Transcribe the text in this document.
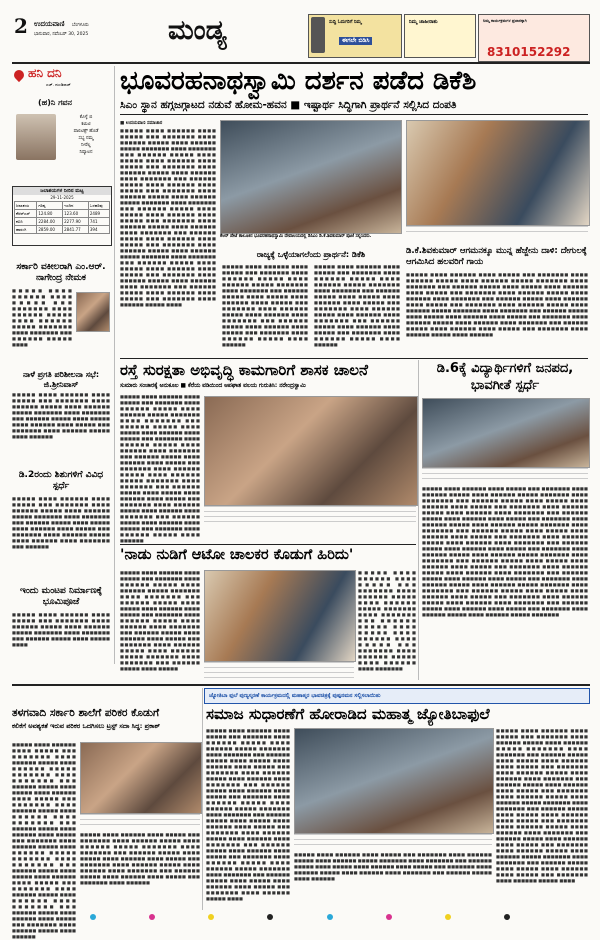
2 ಉದಯವಾಣಿ ಬೆಂಗಳೂರು
ಭಾನುವಾರ, ನವೆಂಬರ್ 30, 2025	ಮಂಡ್ಯ	ಸುದ್ದಿ ಓದುಗರಿಗೆ ನಿಮ್ಮ
ಈಗಲೇ ಬಿಡಿಸಿ
ನಿಮ್ಮ ಜಾಹೀರಾತು	ನಿಮ್ಮ ಕಾರ್ಯಕ್ರಮಗಳ ಪ್ರಚಾರಕ್ಕಾಗಿ
8310152292
ಹನಿ ದನಿ
ಎಚ್. ದುಂಡಿರಾಜ್
(ಹ)ನಿ ಗವನ
ಕೊಳ್ಳೆ ಬಿ
ಕಮಿಟಿ
ಪಾಲಿಟಿಕ್ಸ್ ಹೊಡೆ
ಸಭ್ಯ ನಮ್ಮ
ನೀರೆಲ್ಲ
ನಿಷ್ಕಾಲನ
ಜಲಾಶಯಗಳ ನೀರಿನ ಮಟ್ಟ
29-11-2025
ಜಲಾಶಯ	ಗರಿಷ್ಠ	ಇಂದಿನ	ಒಳಹರಿವು
ಕೆಆರ್‌ಎಸ್	124.80	123.60	2489
ಕಬಿನಿ	2284.00	2277.90	741
ಹಾರಂಗಿ	2859.00	2841.77	394
ಸರ್ಕಾರಿ ವಕೀಲರಾಗಿ ಎಂ.ಆರ್. ನಾಗೇಂದ್ರ ನೇಮಕ
■■■■■ ■■■■ ■■■■■■ ■■■■ ■■■■■ ■■■ ■■■■■■■ ■■■■ ■■■■■■ ■■■■■ ■■■■ ■■■■■■ ■■■■■ ■■■■■■■ ■■■■ ■■■■■■■ ■■■ ■■■■■■ ■■■■■ ■■■■
ನಾಳೆ ಪ್ರಗತಿ ಪರಿಶೀಲನಾ ಸಭೆ: ಜಿ.ಶ್ರೀನಿವಾಸ್
■■■■■ ■■■■ ■■■■■■ ■■■■ ■■■■■ ■■■ ■■■■■■■ ■■■■ ■■■■■■ ■■■■■ ■■■■ ■■■■■■ ■■■■■ ■■■■■■■ ■■■■ ■■■■■■■ ■■■ ■■■■■■ ■■■■■ ■■■■ ■■■■■ ■■■■ ■■■■■■ ■■■■ ■■■■■ ■■■ ■■■■■■■ ■■■■ ■■■■■■ ■■■■■ ■■■■ ■■■■■■
ಡಿ.2ರಂದು ಶಿಶುಗಳಿಗೆ ವಿವಿಧ ಸ್ಪರ್ಧೆ
■■■■■ ■■■■ ■■■■■■ ■■■■ ■■■■■ ■■■ ■■■■■■■ ■■■■ ■■■■■■ ■■■■■ ■■■■ ■■■■■■ ■■■■■ ■■■■■■■ ■■■■ ■■■■■■■ ■■■ ■■■■■■ ■■■■■ ■■■■ ■■■■■ ■■■■ ■■■■■■ ■■■■ ■■■■■ ■■■ ■■■■■■■ ■■■■ ■■■■■■ ■■■■■ ■■■■ ■■■■■■ ■■■■ ■■■■■■■ ■■■ ■■■■■■
ಇಂದು ಮಂಟಪ ನಿರ್ಮಾಣಕ್ಕೆ ಭೂಮಿಪೂಜೆ
■■■■■ ■■■■ ■■■■■■ ■■■■ ■■■■■ ■■■ ■■■■■■■ ■■■■ ■■■■■■ ■■■■■ ■■■■ ■■■■■■ ■■■■■ ■■■■■■■ ■■■■ ■■■■■■■ ■■■ ■■■■■■ ■■■■■ ■■■■ ■■■■■ ■■■■
ಭೂವರಹನಾಥಸ್ವಾಮಿ ದರ್ಶನ ಪಡೆದ ಡಿಕೆಶಿ
ಸಿಎಂ ಸ್ಥಾನ ಹಗ್ಗಜಗ್ಗಾಟದ ನಡುವೆ ಹೋಮ-ಹವನ ■ ಇಷ್ಟಾರ್ಥ ಸಿದ್ಧಿಗಾಗಿ ಪ್ರಾರ್ಥನೆ ಸಲ್ಲಿಸಿದ ದಂಪತಿ
■ ಉದಯವಾಣಿ ಸಮಾಚಾರ
■■■■■ ■■■■ ■■■■■■ ■■■■ ■■■■■ ■■■ ■■■■■■■ ■■■■ ■■■■■■ ■■■■■ ■■■■ ■■■■■■ ■■■■■ ■■■■■■■ ■■■■ ■■■■■■■ ■■■ ■■■■■■ ■■■■■ ■■■■ ■■■■■ ■■■■ ■■■■■■ ■■■■ ■■■■■ ■■■ ■■■■■■■ ■■■■ ■■■■■■ ■■■■■ ■■■■ ■■■■■■ ■■■■ ■■■■■■■ ■■■ ■■■■■■ ■■■■■ ■■■■ ■■■■■■ ■■■■ ■■■■■ ■■■ ■■■■■■■ ■■■■ ■■■■■■ ■■■■■ ■■■■ ■■■■■■ ■■■■■ ■■■■■■■ ■■■■ ■■■■■■■ ■■■ ■■■■■■ ■■■■■ ■■■■ ■■■■■ ■■■■ ■■■■■■ ■■■■ ■■■■■ ■■■ ■■■■■■■ ■■■■ ■■■■■■ ■■■■■ ■■■■ ■■■■■■ ■■■■ ■■■■■■■ ■■■ ■■■■■■ ■■■■■ ■■■■ ■■■■■■ ■■■■ ■■■■■ ■■■ ■■■■■■■ ■■■■ ■■■■■■ ■■■■■ ■■■■ ■■■■■■ ■■■■■ ■■■■■■■ ■■■■ ■■■■■■■ ■■■ ■■■■■■ ■■■■■ ■■■■ ■■■■■ ■■■■ ■■■■■■ ■■■■ ■■■■■ ■■■ ■■■■■■■ ■■■■ ■■■■■■ ■■■■■ ■■■■ ■■■■■■ ■■■■ ■■■■■■■ ■■■ ■■■■■■ ■■■■■ ■■■■ ■■■■■■ ■■■■ ■■■■■ ■■■ ■■■■■■■ ■■■■ ■■■■■■ ■■■■■ ■■■■
ಕೆಆರ್ ಪೇಟೆ ತಾಲೂಕಿನ ಭೂವರಹನಾಥಸ್ವಾಮಿ ದೇವಾಲಯದಲ್ಲಿ ಡಿಸಿಎಂ ಡಿ.ಕೆ.ಶಿವಕುಮಾರ್ ಪೂಜೆ ಸಲ್ಲಿಸಿದರು.
ರಾಜ್ಯಕ್ಕೆ ಒಳ್ಳೆಯಾಗಲೆಂದು ಪ್ರಾರ್ಥನೆ: ಡಿಕೆಶಿ
■■■■■ ■■■■ ■■■■■■ ■■■■ ■■■■■ ■■■ ■■■■■■■ ■■■■ ■■■■■■ ■■■■■ ■■■■ ■■■■■■ ■■■■■ ■■■■■■■ ■■■■ ■■■■■■■ ■■■ ■■■■■■ ■■■■■ ■■■■ ■■■■■ ■■■■ ■■■■■■ ■■■■ ■■■■■ ■■■ ■■■■■■■ ■■■■ ■■■■■■ ■■■■■ ■■■■ ■■■■■■ ■■■■ ■■■■■■■ ■■■ ■■■■■■ ■■■■■ ■■■■ ■■■■■■ ■■■■ ■■■■■ ■■■ ■■■■■■■ ■■■■ ■■■■■■ ■■■■■ ■■■■ ■■■■■■
■■■■■ ■■■■ ■■■■■■ ■■■■ ■■■■■ ■■■ ■■■■■■■ ■■■■ ■■■■■■ ■■■■■ ■■■■ ■■■■■■ ■■■■■ ■■■■■■■ ■■■■ ■■■■■■■ ■■■ ■■■■■■ ■■■■■ ■■■■ ■■■■■ ■■■■ ■■■■■■ ■■■■ ■■■■■ ■■■ ■■■■■■■ ■■■■ ■■■■■■ ■■■■■ ■■■■ ■■■■■■ ■■■■ ■■■■■■■ ■■■ ■■■■■■ ■■■■■ ■■■■ ■■■■■■ ■■■■ ■■■■■ ■■■ ■■■■■■■ ■■■■ ■■■■■■ ■■■■■ ■■■■ ■■■■■■
ಡಿ.ಕೆ.ಶಿವಕುಮಾರ್ ಆಗಮನಕ್ಕೂ ಮುನ್ನ ಹೆಜ್ಜೇನು ದಾಳಿ: ದೇಗುಲಕ್ಕೆ ಆಗಮಿಸಿದ ಹಲವರಿಗೆ ಗಾಯ
■■■■■ ■■■■ ■■■■■■ ■■■■ ■■■■■ ■■■ ■■■■■■■ ■■■■ ■■■■■■ ■■■■■ ■■■■ ■■■■■■ ■■■■■ ■■■■■■■ ■■■■ ■■■■■■■ ■■■ ■■■■■■ ■■■■■ ■■■■ ■■■■■ ■■■■ ■■■■■■ ■■■■ ■■■■■ ■■■ ■■■■■■■ ■■■■ ■■■■■■ ■■■■■ ■■■■ ■■■■■■ ■■■■ ■■■■■■■ ■■■ ■■■■■■ ■■■■■ ■■■■ ■■■■■■ ■■■■ ■■■■■ ■■■ ■■■■■■■ ■■■■ ■■■■■■ ■■■■■ ■■■■ ■■■■■■ ■■■■■ ■■■■■■■ ■■■■ ■■■■■■■ ■■■ ■■■■■■ ■■■■■ ■■■■ ■■■■■ ■■■■ ■■■■■■ ■■■■ ■■■■■ ■■■ ■■■■■■■ ■■■■ ■■■■■■ ■■■■■ ■■■■ ■■■■■■ ■■■■ ■■■■■■■ ■■■ ■■■■■■ ■■■■■ ■■■■ ■■■■■■ ■■■■ ■■■■■ ■■■ ■■■■■■■ ■■■■ ■■■■■■ ■■■■■ ■■■■ ■■■■■■
ರಸ್ತೆ ಸುರಕ್ಷತಾ ಅಭಿವೃದ್ಧಿ ಕಾಮಗಾರಿಗೆ ಶಾಸಕ ಚಾಲನೆ
ಸುಮಾರು ಸಂಚಾರಕ್ಕೆ ಅನುಕೂಲ ■ ಕೆರೆಯ ವಡಿಯಿಂದ ಅಪಘಾತ ವಲಯ ಗುರುತಿಸಿ: ನರೇಂದ್ರಸ್ವಾಮಿ
■■■■■ ■■■■ ■■■■■■ ■■■■ ■■■■■ ■■■ ■■■■■■■ ■■■■ ■■■■■■ ■■■■■ ■■■■ ■■■■■■ ■■■■■ ■■■■■■■ ■■■■ ■■■■■■■ ■■■ ■■■■■■ ■■■■■ ■■■■ ■■■■■ ■■■■ ■■■■■■ ■■■■ ■■■■■ ■■■ ■■■■■■■ ■■■■ ■■■■■■ ■■■■■ ■■■■ ■■■■■■ ■■■■ ■■■■■■■ ■■■ ■■■■■■ ■■■■■ ■■■■ ■■■■■■ ■■■■ ■■■■■ ■■■ ■■■■■■■ ■■■■ ■■■■■■ ■■■■■ ■■■■ ■■■■■■ ■■■■■ ■■■■■■■ ■■■■ ■■■■■■■ ■■■ ■■■■■■ ■■■■■ ■■■■ ■■■■■ ■■■■ ■■■■■■ ■■■■ ■■■■■ ■■■ ■■■■■■■ ■■■■ ■■■■■■ ■■■■■ ■■■■ ■■■■■■ ■■■■ ■■■■■■■ ■■■ ■■■■■■ ■■■■■ ■■■■ ■■■■■■ ■■■■ ■■■■■ ■■■ ■■■■■■■ ■■■■ ■■■■■■ ■■■■■ ■■■■ ■■■■■■
ಡಿ.6ಕ್ಕೆ ವಿದ್ಯಾರ್ಥಿಗಳಿಗೆ ಜನಪದ, ಭಾವಗೀತೆ ಸ್ಪರ್ಧೆ
■■■■■ ■■■■ ■■■■■■ ■■■■ ■■■■■ ■■■ ■■■■■■■ ■■■■ ■■■■■■ ■■■■■ ■■■■ ■■■■■■ ■■■■■ ■■■■■■■ ■■■■ ■■■■■■■ ■■■ ■■■■■■ ■■■■■ ■■■■ ■■■■■ ■■■■ ■■■■■■ ■■■■ ■■■■■ ■■■ ■■■■■■■ ■■■■ ■■■■■■ ■■■■■ ■■■■ ■■■■■■ ■■■■ ■■■■■■■ ■■■ ■■■■■■ ■■■■■ ■■■■ ■■■■■■ ■■■■ ■■■■■ ■■■ ■■■■■■■ ■■■■ ■■■■■■ ■■■■■ ■■■■ ■■■■■■ ■■■■■ ■■■■■■■ ■■■■ ■■■■■■■ ■■■ ■■■■■■ ■■■■■ ■■■■ ■■■■■ ■■■■ ■■■■■■ ■■■■ ■■■■■ ■■■ ■■■■■■■ ■■■■ ■■■■■■ ■■■■■ ■■■■ ■■■■■■ ■■■■ ■■■■■■■ ■■■ ■■■■■■ ■■■■■ ■■■■ ■■■■■■ ■■■■ ■■■■■ ■■■ ■■■■■■■ ■■■■ ■■■■■■ ■■■■■ ■■■■ ■■■■■■ ■■■■■ ■■■■■■■ ■■■■ ■■■■■■■ ■■■ ■■■■■■ ■■■■■ ■■■■ ■■■■■ ■■■■ ■■■■■■ ■■■■ ■■■■■ ■■■ ■■■■■■■ ■■■■ ■■■■■■ ■■■■■ ■■■■ ■■■■■■ ■■■■ ■■■■■■■ ■■■ ■■■■■■ ■■■■■ ■■■■ ■■■■■■ ■■■■ ■■■■■ ■■■ ■■■■■■■ ■■■■ ■■■■■■ ■■■■■ ■■■■ ■■■■■■ ■■■■■ ■■■■■■■ ■■■■ ■■■■■■■ ■■■ ■■■■■■ ■■■■■ ■■■■ ■■■■■ ■■■■ ■■■■■■ ■■■■ ■■■■■ ■■■ ■■■■■■■ ■■■■ ■■■■■■ ■■■■■ ■■■■ ■■■■■■ ■■■■ ■■■■■■■ ■■■ ■■■■■■ ■■■■■ ■■■■ ■■■■■■ ■■■■ ■■■■■ ■■■ ■■■■■■■ ■■■■ ■■■■■■ ■■■■■ ■■■■ ■■■■■■ ■■■■■ ■■■■■■■
'ನಾಡು ನುಡಿಗೆ ಆಟೋ ಚಾಲಕರ ಕೊಡುಗೆ ಹಿರಿದು'
■■■■■ ■■■■ ■■■■■■ ■■■■ ■■■■■ ■■■ ■■■■■■■ ■■■■ ■■■■■■ ■■■■■ ■■■■ ■■■■■■ ■■■■■ ■■■■■■■ ■■■■ ■■■■■■■ ■■■ ■■■■■■ ■■■■■ ■■■■ ■■■■■ ■■■■ ■■■■■■ ■■■■ ■■■■■ ■■■ ■■■■■■■ ■■■■ ■■■■■■ ■■■■■ ■■■■ ■■■■■■ ■■■■ ■■■■■■■ ■■■ ■■■■■■ ■■■■■ ■■■■ ■■■■■■ ■■■■ ■■■■■ ■■■ ■■■■■■■ ■■■■ ■■■■■■ ■■■■■ ■■■■ ■■■■■■ ■■■■■ ■■■■■■■ ■■■■ ■■■■■■■ ■■■ ■■■■■■ ■■■■■ ■■■■ ■■■■■
■■■■■ ■■■■ ■■■■■■ ■■■■ ■■■■■ ■■■ ■■■■■■■ ■■■■ ■■■■■■ ■■■■■ ■■■■ ■■■■■■ ■■■■■ ■■■■■■■ ■■■■ ■■■■■■■ ■■■ ■■■■■■ ■■■■■ ■■■■ ■■■■■ ■■■■ ■■■■■■ ■■■■ ■■■■■ ■■■ ■■■■■■■ ■■■■ ■■■■■■ ■■■■■ ■■■■ ■■■■■■ ■■■■ ■■■■■■■
ಜ್ಯೋತಿಬಾ ಫುಲೆ ಪುಣ್ಯಸ್ಮರಣೆ ಕಾರ್ಯಕ್ರಮದಲ್ಲಿ ಮಹಾತ್ಮರ ಭಾವಚಿತ್ರಕ್ಕೆ ಪುಷ್ಪನಮನ ಸಲ್ಲಿಸಲಾಯಿತು
ತಳಗವಾದಿ ಸರ್ಕಾರಿ ಶಾಲೆಗೆ ಪರಿಕರ ಕೊಡುಗೆ
ಕಲಿಕೆಗೆ ಅವಶ್ಯಕತೆ ಇರುವ ಪರಿಕರ ಒದಗಿಸಲು ಟ್ರಸ್ಟ್ ಸದಾ ಸಿದ್ಧ: ಪ್ರಕಾಶ್
■■■■■ ■■■■ ■■■■■■ ■■■■ ■■■■■ ■■■ ■■■■■■■ ■■■■ ■■■■■■ ■■■■■ ■■■■ ■■■■■■ ■■■■■ ■■■■■■■ ■■■■ ■■■■■■■ ■■■ ■■■■■■ ■■■■■ ■■■■ ■■■■■ ■■■■ ■■■■■■ ■■■■ ■■■■■ ■■■ ■■■■■■■ ■■■■ ■■■■■■ ■■■■■ ■■■■ ■■■■■■ ■■■■ ■■■■■■■ ■■■ ■■■■■■ ■■■■■ ■■■■ ■■■■■■ ■■■■ ■■■■■ ■■■ ■■■■■■■ ■■■■ ■■■■■■ ■■■■■ ■■■■ ■■■■■■ ■■■■■ ■■■■■■■ ■■■■ ■■■■■■■ ■■■ ■■■■■■ ■■■■■ ■■■■ ■■■■■ ■■■■ ■■■■■■ ■■■■ ■■■■■ ■■■ ■■■■■■■ ■■■■ ■■■■■■ ■■■■■ ■■■■ ■■■■■■ ■■■■ ■■■■■■■ ■■■ ■■■■■■ ■■■■■ ■■■■ ■■■■■■ ■■■■ ■■■■■ ■■■ ■■■■■■■ ■■■■ ■■■■■■ ■■■■■ ■■■■ ■■■■■■
■■■■■ ■■■■ ■■■■■■ ■■■■ ■■■■■ ■■■ ■■■■■■■ ■■■■ ■■■■■■ ■■■■■ ■■■■ ■■■■■■ ■■■■■ ■■■■■■■ ■■■■ ■■■■■■■ ■■■ ■■■■■■ ■■■■■ ■■■■ ■■■■■ ■■■■ ■■■■■■ ■■■■ ■■■■■ ■■■ ■■■■■■■ ■■■■ ■■■■■■ ■■■■■ ■■■■ ■■■■■■ ■■■■ ■■■■■■■ ■■■ ■■■■■■ ■■■■■ ■■■■ ■■■■■■ ■■■■ ■■■■■ ■■■ ■■■■■■■ ■■■■ ■■■■■■
ಸಮಾಜ ಸುಧಾರಣೆಗೆ ಹೋರಾಡಿದ ಮಹಾತ್ಮ ಜ್ಯೋತಿಬಾಫುಲೆ
■■■■■ ■■■■ ■■■■■■ ■■■■ ■■■■■ ■■■ ■■■■■■■ ■■■■ ■■■■■■ ■■■■■ ■■■■ ■■■■■■ ■■■■■ ■■■■■■■ ■■■■ ■■■■■■■ ■■■ ■■■■■■ ■■■■■ ■■■■ ■■■■■ ■■■■ ■■■■■■ ■■■■ ■■■■■ ■■■ ■■■■■■■ ■■■■ ■■■■■■ ■■■■■ ■■■■ ■■■■■■ ■■■■ ■■■■■■■ ■■■ ■■■■■■ ■■■■■ ■■■■ ■■■■■■ ■■■■ ■■■■■ ■■■ ■■■■■■■ ■■■■ ■■■■■■ ■■■■■ ■■■■ ■■■■■■ ■■■■■ ■■■■■■■ ■■■■ ■■■■■■■ ■■■ ■■■■■■ ■■■■■ ■■■■ ■■■■■ ■■■■ ■■■■■■ ■■■■ ■■■■■ ■■■ ■■■■■■■ ■■■■ ■■■■■■ ■■■■■ ■■■■ ■■■■■■ ■■■■ ■■■■■■■ ■■■ ■■■■■■ ■■■■■ ■■■■ ■■■■■■ ■■■■ ■■■■■ ■■■ ■■■■■■■ ■■■■ ■■■■■■ ■■■■■ ■■■■ ■■■■■■ ■■■■■ ■■■■■■■ ■■■■ ■■■■■■■ ■■■ ■■■■■■ ■■■■■ ■■■■ ■■■■■ ■■■■ ■■■■■■ ■■■■ ■■■■■ ■■■ ■■■■■■■ ■■■■ ■■■■■■ ■■■■■ ■■■■
■■■■■ ■■■■ ■■■■■■ ■■■■ ■■■■■ ■■■ ■■■■■■■ ■■■■ ■■■■■■ ■■■■■ ■■■■ ■■■■■■ ■■■■■ ■■■■■■■ ■■■■ ■■■■■■■ ■■■ ■■■■■■ ■■■■■ ■■■■ ■■■■■ ■■■■ ■■■■■■ ■■■■ ■■■■■ ■■■ ■■■■■■■ ■■■■ ■■■■■■ ■■■■■ ■■■■ ■■■■■■ ■■■■ ■■■■■■■ ■■■ ■■■■■■ ■■■■■ ■■■■ ■■■■■■
■■■■■ ■■■■ ■■■■■■ ■■■■ ■■■■■ ■■■ ■■■■■■■ ■■■■ ■■■■■■ ■■■■■ ■■■■ ■■■■■■ ■■■■■ ■■■■■■■ ■■■■ ■■■■■■■ ■■■ ■■■■■■ ■■■■■ ■■■■ ■■■■■ ■■■■ ■■■■■■ ■■■■ ■■■■■ ■■■ ■■■■■■■ ■■■■ ■■■■■■ ■■■■■ ■■■■ ■■■■■■ ■■■■ ■■■■■■■ ■■■ ■■■■■■ ■■■■■ ■■■■ ■■■■■■ ■■■■ ■■■■■ ■■■ ■■■■■■■ ■■■■ ■■■■■■ ■■■■■ ■■■■ ■■■■■■ ■■■■■ ■■■■■■■ ■■■■ ■■■■■■■ ■■■ ■■■■■■ ■■■■■ ■■■■ ■■■■■ ■■■■ ■■■■■■ ■■■■ ■■■■■ ■■■ ■■■■■■■ ■■■■ ■■■■■■ ■■■■■ ■■■■ ■■■■■■ ■■■■ ■■■■■■■ ■■■ ■■■■■■ ■■■■■ ■■■■ ■■■■■■ ■■■■ ■■■■■ ■■■ ■■■■■■■ ■■■■ ■■■■■■ ■■■■■ ■■■■ ■■■■■■ ■■■■■ ■■■■■■■ ■■■■ ■■■■■■■ ■■■ ■■■■■■ ■■■■■ ■■■■ ■■■■■ ■■■■ ■■■■■■ ■■■■ ■■■■■ ■■■ ■■■■■■■ ■■■■ ■■■■■■ ■■■■■ ■■■■
